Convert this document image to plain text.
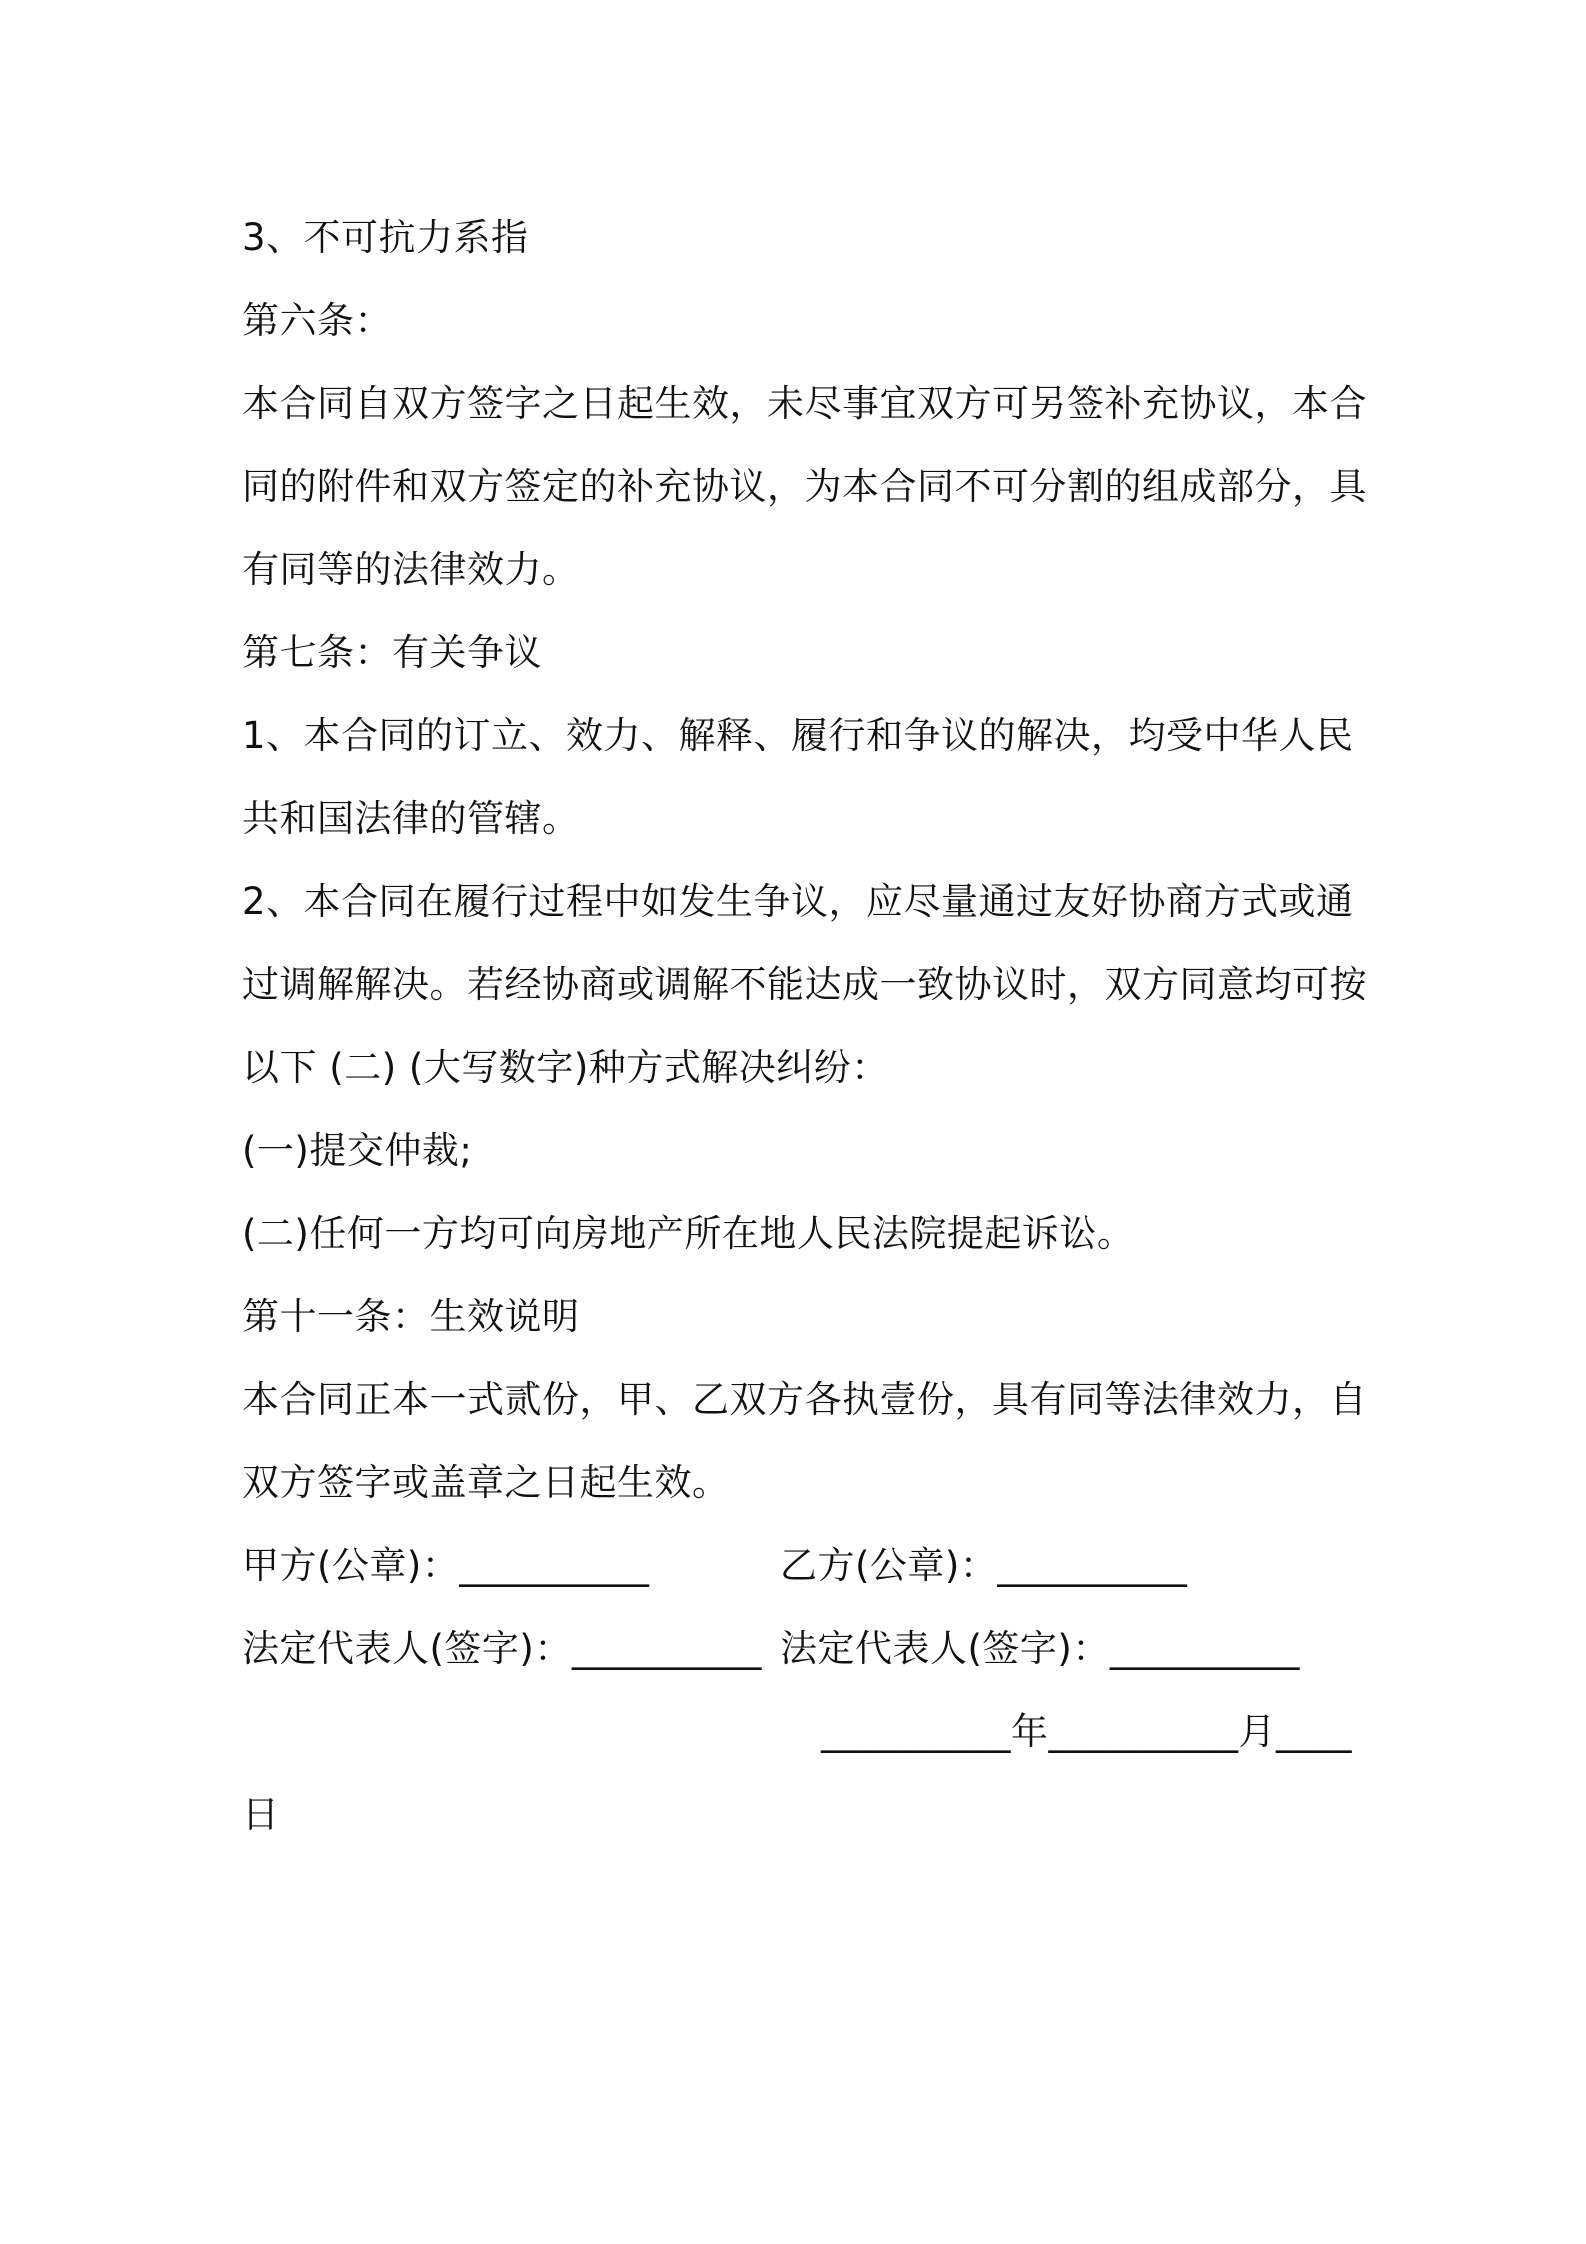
3、不可抗力系指
第六条：
本合同自双方签字之日起生效，未尽事宜双方可另签补充协议，本合
同的附件和双方签定的补充协议，为本合同不可分割的组成部分，具
有同等的法律效力。
第七条：有关争议
1、本合同的订立、效力、解释、履行和争议的解决，均受中华人民
共和国法律的管辖。
2、本合同在履行过程中如发生争议，应尽量通过友好协商方式或通
过调解解决。若经协商或调解不能达成一致协议时，双方同意均可按
以下 (二) (大写数字)种方式解决纠纷：
(一)提交仲裁;
(二)任何一方均可向房地产所在地人民法院提起诉讼。
第十一条：生效说明
本合同正本一式贰份，甲、乙双方各执壹份，具有同等法律效力，自
双方签字或盖章之日起生效。
甲方(公章)：__________	乙方(公章)：__________
法定代表人(签字)：__________ 法定代表人(签字)：__________
__________年__________月____
日
